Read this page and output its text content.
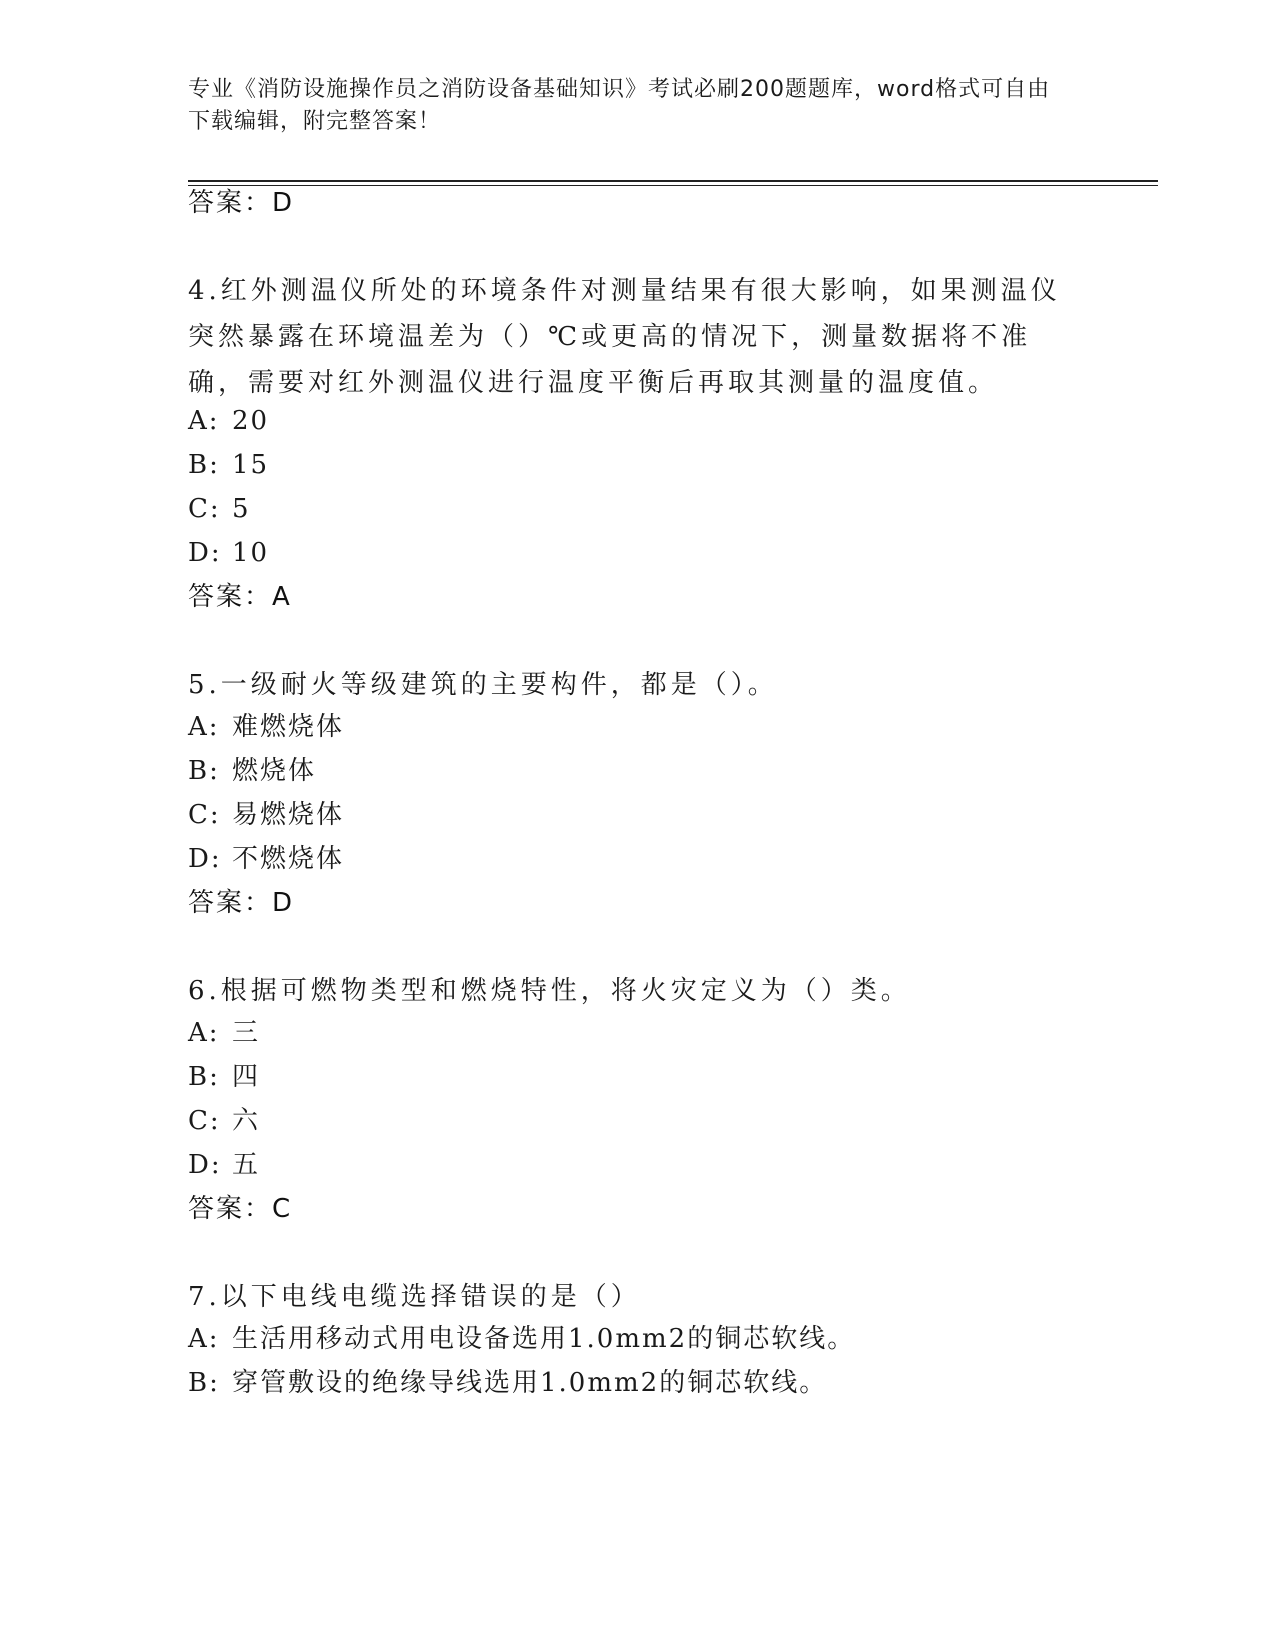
专业《消防设施操作员之消防设备基础知识》考试必刷200题题库，word格式可自由下载编辑，附完整答案！
答案：D
4.红外测温仪所处的环境条件对测量结果有很大影响，如果测温仪突然暴露在环境温差为（）℃或更高的情况下，测量数据将不准确，需要对红外测温仪进行温度平衡后再取其测量的温度值。
A: 20
B: 15
C: 5
D: 10
答案：A
5.一级耐火等级建筑的主要构件，都是（）。
A: 难燃烧体
B: 燃烧体
C: 易燃烧体
D: 不燃烧体
答案：D
6.根据可燃物类型和燃烧特性，将火灾定义为（）类。
A: 三
B: 四
C: 六
D: 五
答案：C
7.以下电线电缆选择错误的是（）
A: 生活用移动式用电设备选用1.0mm2的铜芯软线。
B: 穿管敷设的绝缘导线选用1.0mm2的铜芯软线。
